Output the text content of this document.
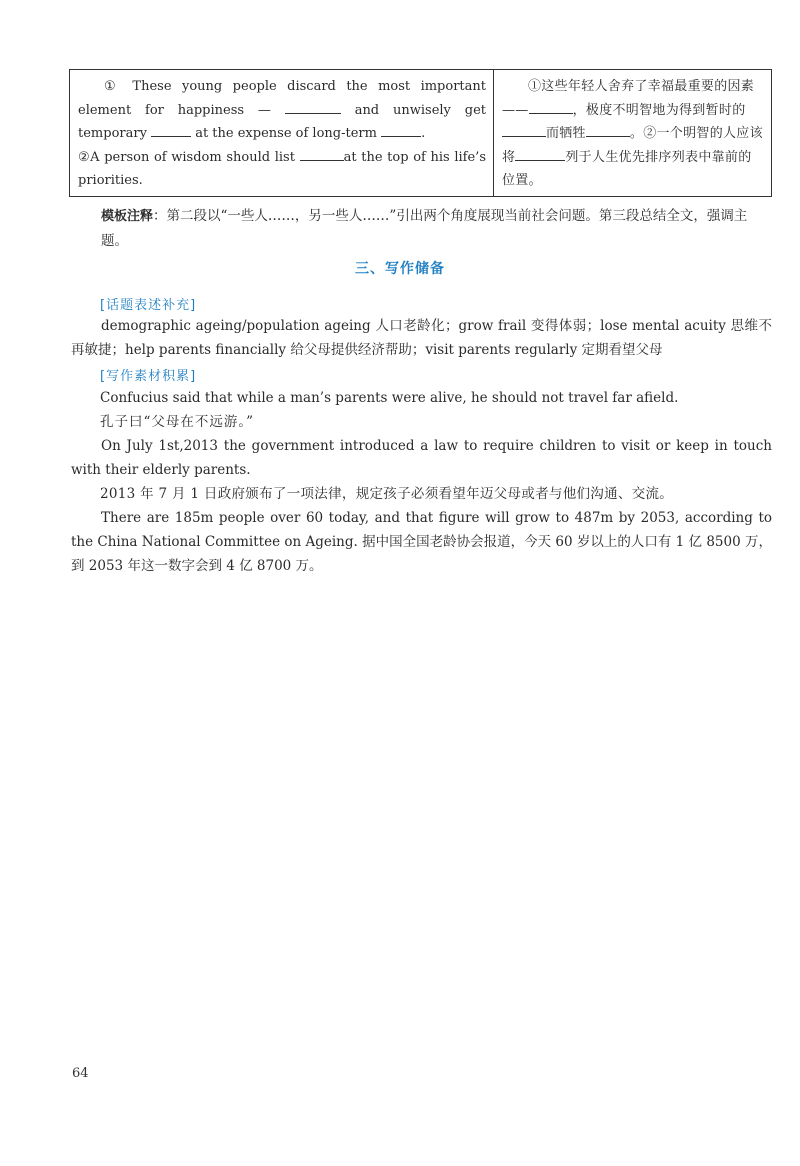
① These young people discard the most important element for happiness —	and unwisely get temporary	at the expense of long-term	.

②A person of wisdom should list	at the top of his life’s priorities.

①这些年轻人舍弃了幸福最重要的因素——	，极度不明智地为得到暂时的而牺牲	。②一个明智的人应该将	列于人生优先排序列表中靠前的位置。

模板注释：第二段以“一些人……，另一些人……”引出两个角度展现当前社会问题。第三段总结全文，强调主题。

三、写作储备
[话题表述补充]

demographic ageing/population ageing 人口老龄化；grow frail 变得体弱；lose mental acuity 思维不再敏捷；help parents financially 给父母提供经济帮助；visit parents regularly 定期看望父母

[写作素材积累]

Confucius said that while a man’s parents were alive, he should not travel far afield.

孔子曰“父母在不远游。”

On July 1st,2013 the government introduced a law to require children to visit or keep in touch with their elderly parents.

2013 年 7 月 1 日政府颁布了一项法律，规定孩子必须看望年迈父母或者与他们沟通、交流。

There are 185m people over 60 today, and that figure will grow to 487m by 2053, according to the China National Committee on Ageing. 据中国全国老龄协会报道，今天 60 岁以上的人口有 1 亿 8500 万，到 2053 年这一数字会到 4 亿 8700 万。

64
